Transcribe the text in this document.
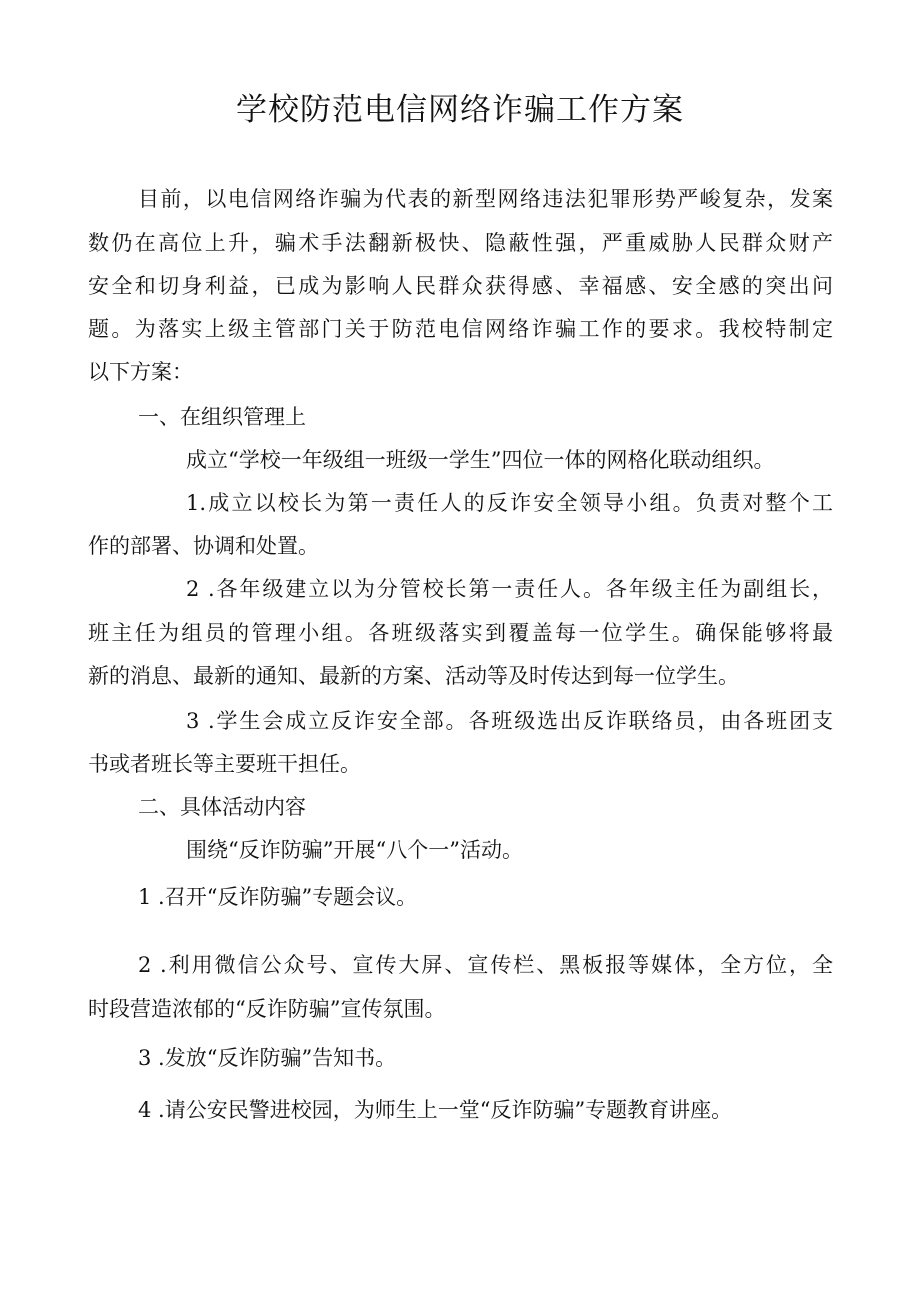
学校防范电信网络诈骗工作方案
目前，以电信网络诈骗为代表的新型网络违法犯罪形势严峻复杂，发案
数仍在高位上升，骗术手法翻新极快、隐蔽性强，严重威胁人民群众财产
安全和切身利益，已成为影响人民群众获得感、幸福感、安全感的突出问
题。为落实上级主管部门关于防范电信网络诈骗工作的要求。我校特制定
以下方案：
一、在组织管理上
成立“学校一年级组一班级一学生”四位一体的网格化联动组织。
1.成立以校长为第一责任人的反诈安全领导小组。负责对整个工
作的部署、协调和处置。
2 .各年级建立以为分管校长第一责任人。各年级主任为副组长，
班主任为组员的管理小组。各班级落实到覆盖每一位学生。确保能够将最
新的消息、最新的通知、最新的方案、活动等及时传达到每一位学生。
3 .学生会成立反诈安全部。各班级选出反诈联络员，由各班团支
书或者班长等主要班干担任。
二、具体活动内容
围绕“反诈防骗”开展“八个一”活动。
1 .召开“反诈防骗”专题会议。
2 .利用微信公众号、宣传大屏、宣传栏、黑板报等媒体，全方位，全
时段营造浓郁的“反诈防骗”宣传氛围。
3 .发放“反诈防骗”告知书。
4 .请公安民警进校园，为师生上一堂“反诈防骗”专题教育讲座。
